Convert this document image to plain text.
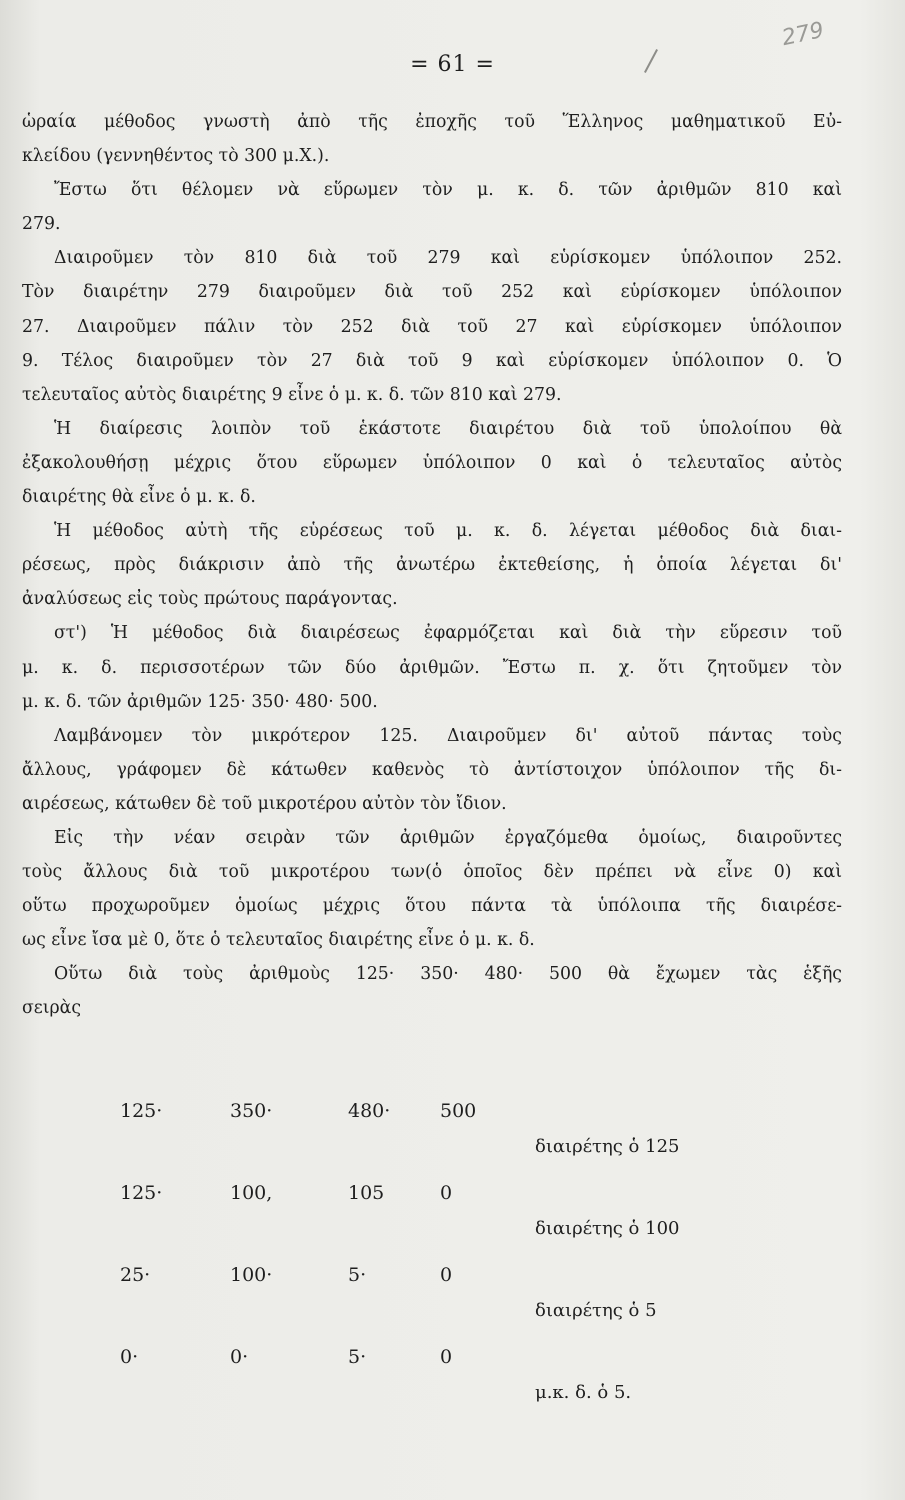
= 61 =
279
ὡραία μέθοδος γνωστὴ ἀπὸ τῆς ἐποχῆς τοῦ Ἕλληνος μαθηματικοῦ Εὐ-
κλείδου (γεννηθέντος τὸ 300 μ.Χ.).
Ἔστω ὅτι θέλομεν νὰ εὕρωμεν τὸν μ. κ. δ. τῶν ἀριθμῶν 810 καὶ
279.
Διαιροῦμεν τὸν 810 διὰ τοῦ 279 καὶ εὑρίσκομεν ὑπόλοιπον 252.
Τὸν διαιρέτην 279 διαιροῦμεν διὰ τοῦ 252 καὶ εὑρίσκομεν ὑπόλοιπον
27. Διαιροῦμεν πάλιν τὸν 252 διὰ τοῦ 27 καὶ εὑρίσκομεν ὑπόλοιπον
9. Τέλος διαιροῦμεν τὸν 27 διὰ τοῦ 9 καὶ εὑρίσκομεν ὑπόλοιπον 0. Ὁ
τελευταῖος αὐτὸς διαιρέτης 9 εἶνε ὁ μ. κ. δ. τῶν 810 καὶ 279.
Ἡ διαίρεσις λοιπὸν τοῦ ἑκάστοτε διαιρέτου διὰ τοῦ ὑπολοίπου θὰ
ἐξακολουθήσῃ μέχρις ὅτου εὕρωμεν ὑπόλοιπον 0 καὶ ὁ τελευταῖος αὐτὸς
διαιρέτης θὰ εἶνε ὁ μ. κ. δ.
Ἡ μέθοδος αὐτὴ τῆς εὑρέσεως τοῦ μ. κ. δ. λέγεται μέθοδος διὰ διαι-
ρέσεως, πρὸς διάκρισιν ἀπὸ τῆς ἀνωτέρω ἐκτεθείσης, ἡ ὁποία λέγεται δι'
ἀναλύσεως εἰς τοὺς πρώτους παράγοντας.
στ') Ἡ μέθοδος διὰ διαιρέσεως ἐφαρμόζεται καὶ διὰ τὴν εὕρεσιν τοῦ
μ. κ. δ. περισσοτέρων τῶν δύο ἀριθμῶν. Ἔστω π. χ. ὅτι ζητοῦμεν τὸν
μ. κ. δ. τῶν ἀριθμῶν 125· 350· 480· 500.
Λαμβάνομεν τὸν μικρότερον 125. Διαιροῦμεν δι' αὐτοῦ πάντας τοὺς
ἄλλους, γράφομεν δὲ κάτωθεν καθενὸς τὸ ἀντίστοιχον ὑπόλοιπον τῆς δι-
αιρέσεως, κάτωθεν δὲ τοῦ μικροτέρου αὐτὸν τὸν ἴδιον.
Εἰς τὴν νέαν σειρὰν τῶν ἀριθμῶν ἐργαζόμεθα ὁμοίως, διαιροῦντες
τοὺς ἄλλους διὰ τοῦ μικροτέρου των(ὁ ὁποῖος δὲν πρέπει νὰ εἶνε 0) καὶ
οὕτω προχωροῦμεν ὁμοίως μέχρις ὅτου πάντα τὰ ὑπόλοιπα τῆς διαιρέσε-
ως εἶνε ἴσα μὲ 0, ὅτε ὁ τελευταῖος διαιρέτης εἶνε ὁ μ. κ. δ.
Οὕτω διὰ τοὺς ἀριθμοὺς 125· 350· 480· 500 θὰ ἔχωμεν τὰς ἑξῆς
σειρὰς
125·	350·	480·	500
διαιρέτης ὁ 125
125·	100,	105	0
διαιρέτης ὁ 100
25·	100·	5·	0
διαιρέτης ὁ 5
0·	0·	5·	0
μ.κ. δ. ὁ 5.
